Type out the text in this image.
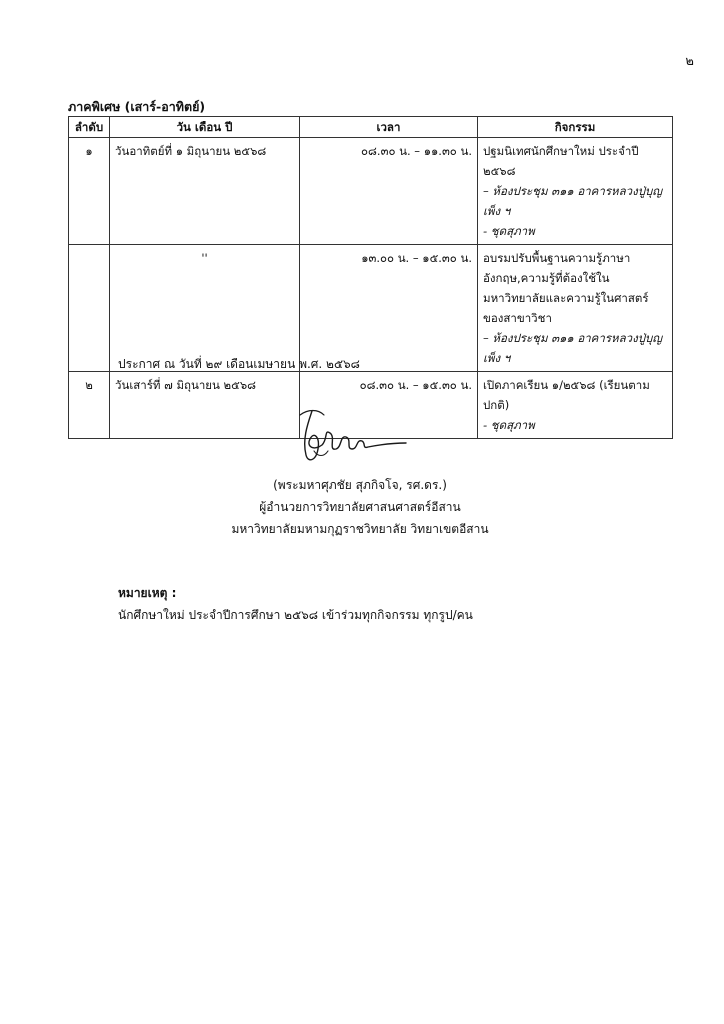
๒
ภาคพิเศษ (เสาร์-อาทิตย์)
ลำดับ	วัน เดือน ปี	เวลา	กิจกรรม
๑	วันอาทิตย์ที่ ๑ มิถุนายน ๒๕๖๘	๐๘.๓๐ น. – ๑๑.๓๐ น.	ปฐมนิเทศนักศึกษาใหม่ ประจำปี ๒๕๖๘
– ห้องประชุม ๓๑๑ อาคารหลวงปู่บุญเพ็ง ฯ
- ชุดสุภาพ

	''	๑๓.๐๐ น. – ๑๕.๓๐ น.	อบรมปรับพื้นฐานความรู้ภาษาอังกฤษ,ความรู้ที่ต้องใช้ในมหาวิทยาลัยและความรู้ในศาสตร์ของสาขาวิชา
– ห้องประชุม ๓๑๑ อาคารหลวงปู่บุญเพ็ง ฯ

๒	วันเสาร์ที่ ๗ มิถุนายน ๒๕๖๘	๐๘.๓๐ น. – ๑๕.๓๐ น.	เปิดภาคเรียน ๑/๒๕๖๘ (เรียนตามปกติ)
- ชุดสุภาพ
ประกาศ ณ วันที่ ๒๙ เดือนเมษายน พ.ศ. ๒๕๖๘
(พระมหาศุภชัย สุภกิจโจ, รศ.ดร.)
ผู้อำนวยการวิทยาลัยศาสนศาสตร์อีสาน
มหาวิทยาลัยมหามกุฏราชวิทยาลัย วิทยาเขตอีสาน
หมายเหตุ :
นักศึกษาใหม่ ประจำปีการศึกษา ๒๕๖๘ เข้าร่วมทุกกิจกรรม ทุกรูป/คน
